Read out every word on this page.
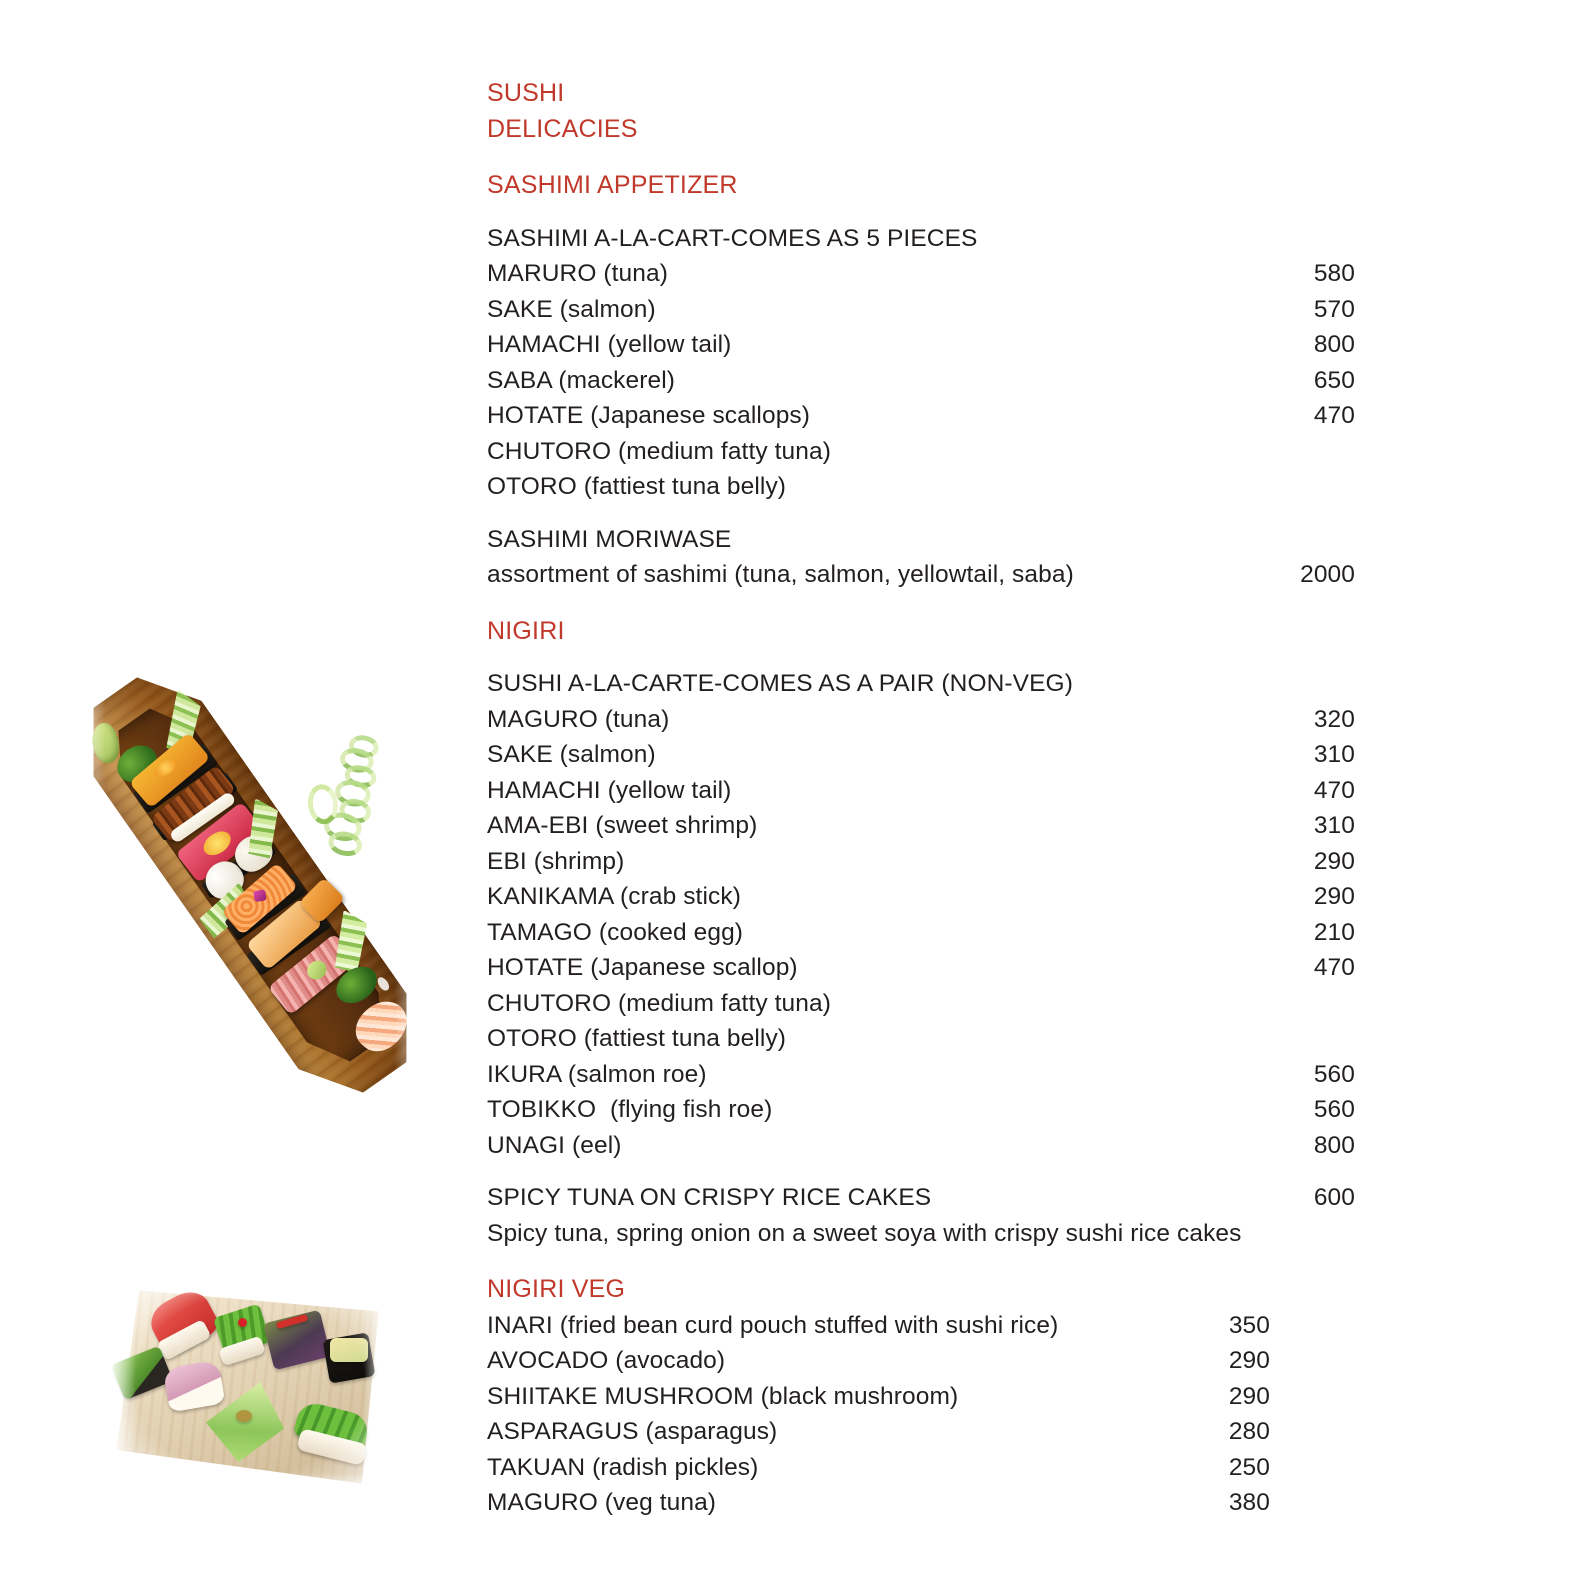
SUSHI
DELICACIES
SASHIMI APPETIZER
SASHIMI A-LA-CART-COMES AS 5 PIECES
MARURO (tuna)	580
SAKE (salmon)	570
HAMACHI (yellow tail)	800
SABA (mackerel)	650
HOTATE (Japanese scallops)	470
CHUTORO (medium fatty tuna)
OTORO (fattiest tuna belly)
SASHIMI MORIWASE
assortment of sashimi (tuna, salmon, yellowtail, saba)	2000
NIGIRI
SUSHI A-LA-CARTE-COMES AS A PAIR (NON-VEG)
MAGURO (tuna)	320
SAKE (salmon)	310
HAMACHI (yellow tail)	470
AMA-EBI (sweet shrimp)	310
EBI (shrimp)	290
KANIKAMA (crab stick)	290
TAMAGO (cooked egg)	210
HOTATE (Japanese scallop)	470
CHUTORO (medium fatty tuna)
OTORO (fattiest tuna belly)
IKURA (salmon roe)	560
TOBIKKO  (flying fish roe)	560
UNAGI (eel)	800
SPICY TUNA ON CRISPY RICE CAKES	600
Spicy tuna, spring onion on a sweet soya with crispy sushi rice cakes
NIGIRI VEG
INARI (fried bean curd pouch stuffed with sushi rice)	350
AVOCADO (avocado)	290
SHIITAKE MUSHROOM (black mushroom)	290
ASPARAGUS (asparagus)	280
TAKUAN (radish pickles)	250
MAGURO (veg tuna)	380
